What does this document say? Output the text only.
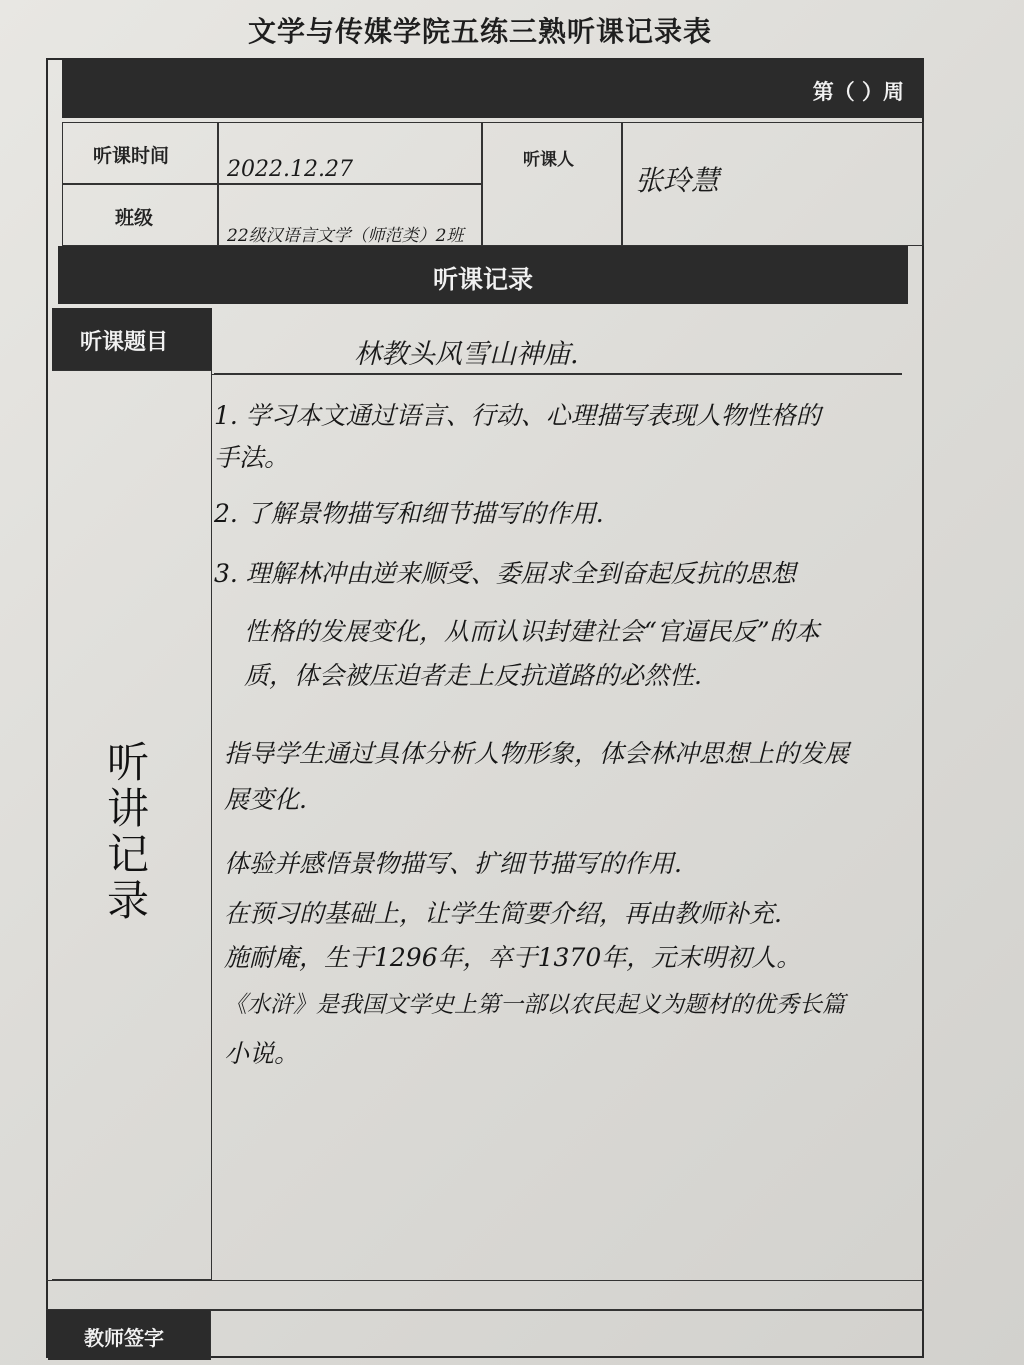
文学与传媒学院五练三熟听课记录表
第（ ）周
听课时间
2022.12.27	听课人
张玲慧
班级
22级汉语言文学（师范类）2班
听课记录
听课题目	林教头风雪山神庙.
听讲记录
1. 学习本文通过语言、行动、心理描写表现人物性格的
手法。
2. 了解景物描写和细节描写的作用.
3. 理解林冲由逆来顺受、委屈求全到奋起反抗的思想
性格的发展变化，从而认识封建社会“官逼民反”的本
质，体会被压迫者走上反抗道路的必然性.
指导学生通过具体分析人物形象，体会林冲思想上的发展
展变化.
体验并感悟景物描写、扩细节描写的作用.
在预习的基础上，让学生简要介绍，再由教师补充.
施耐庵，生于1296年，卒于1370年，元末明初人。
《水浒》是我国文学史上第一部以农民起义为题材的优秀长篇
小说。
教师签字
